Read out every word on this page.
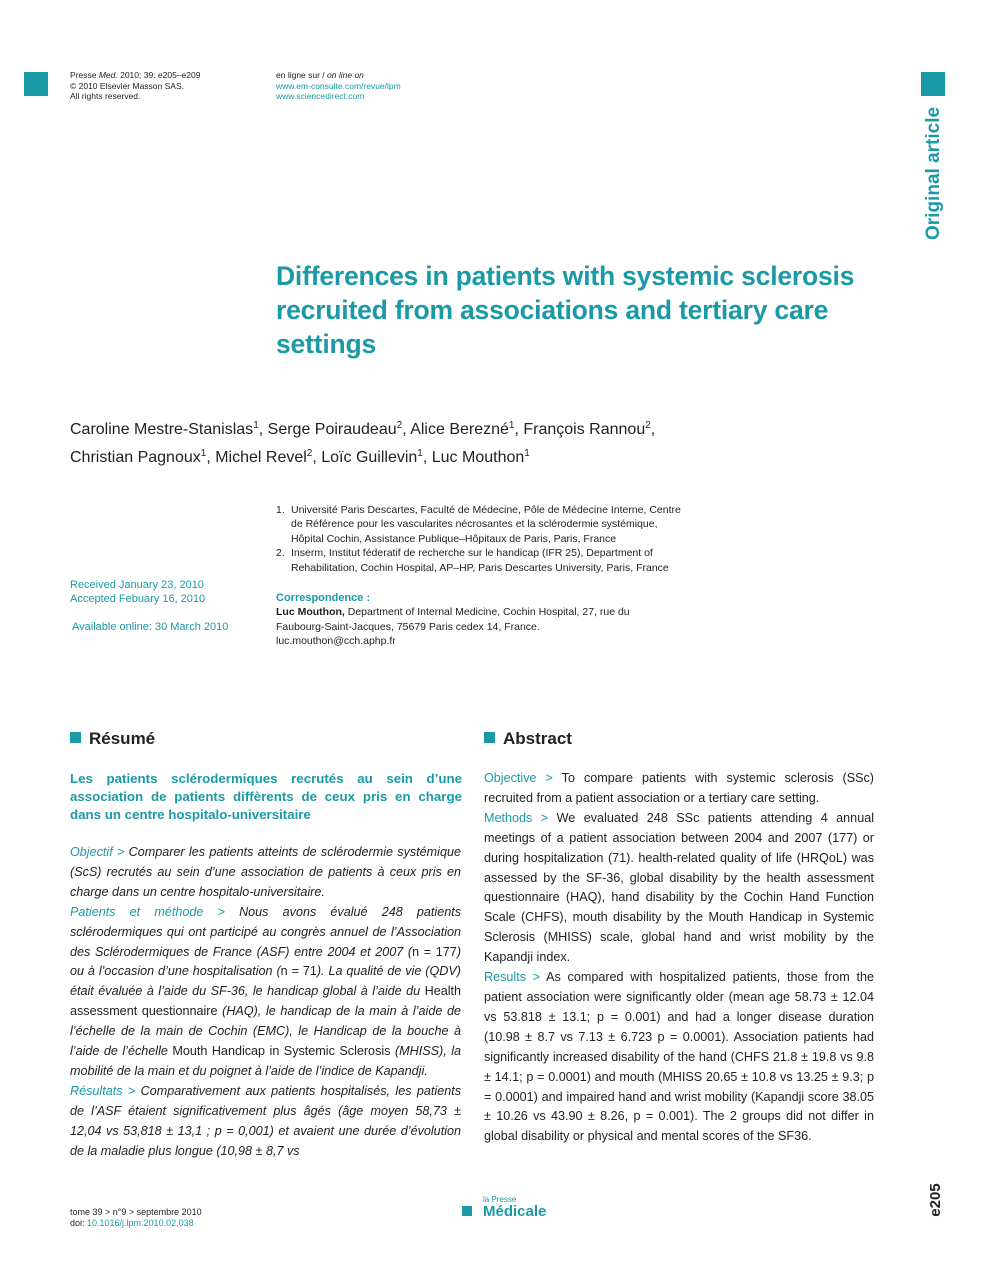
Presse Med. 2010; 39: e205–e209
© 2010 Elsevier Masson SAS.
All rights reserved.
en ligne sur / on line on
www.em-consulte.com/revue/lpm
www.sciencedirect.com
Original article
Differences in patients with systemic sclerosis recruited from associations and tertiary care settings
Caroline Mestre-Stanislas$^1$, Serge Poiraudeau$^2$, Alice Berezné$^1$, François Rannou$^2$,
Christian Pagnoux$^1$, Michel Revel$^2$, Loïc Guillevin$^1$, Luc Mouthon$^1$
1. Université Paris Descartes, Faculté de Médecine, Pôle de Médecine Interne, Centre
de Référence pour les vascularites nécrosantes et la sclérodermie systémique,
Hôpital Cochin, Assistance Publique–Hôpitaux de Paris, Paris, France
2. Inserm, Institut féderatif de recherche sur le handicap (IFR 25), Department of
Rehabilitation, Cochin Hospital, AP–HP, Paris Descartes University, Paris, France
Received January 23, 2010
Accepted Febuary 16, 2010
Available online: 30 March 2010
Correspondence :
Luc Mouthon, Department of Internal Medicine, Cochin Hospital, 27, rue du
Faubourg-Saint-Jacques, 75679 Paris cedex 14, France.
luc.mouthon@cch.aphp.fr
Résumé	Abstract
Les patients sclérodermiques recrutés au sein d’une association de patients diffèrents de ceux pris en charge dans un centre hospitalo-universitaire

Objectif > Comparer les patients atteints de sclérodermie systémique (ScS) recrutés au sein d’une association de patients à ceux pris en charge dans un centre hospitalo-universitaire.

Patients et méthode > Nous avons évalué 248 patients sclérodermiques qui ont participé au congrès annuel de l’Association des Sclérodermiques de France (ASF) entre 2004 et 2007 (n = 177) ou à l’occasion d’une hospitalisation (n = 71). La qualité de vie (QDV) était évaluée à l’aide du SF-36, le handicap global à l’aide du Health assessment questionnaire (HAQ), le handicap de la main à l’aide de l’échelle de la main de Cochin (EMC), le Handicap de la bouche à l’aide de l’échelle Mouth Handicap in Systemic Sclerosis (MHISS), la mobilité de la main et du poignet à l’aide de l’indice de Kapandji.

Résultats > Comparativement aux patients hospitalisés, les patients de l’ASF étaient significativement plus âgés (âge moyen 58,73 ± 12,04 vs 53,818 ± 13,1 ; p = 0,001) et avaient une durée d’évolution de la maladie plus longue (10,98 ± 8,7 vs

Objective > To compare patients with systemic sclerosis (SSc) recruited from a patient association or a tertiary care setting.

Methods > We evaluated 248 SSc patients attending 4 annual meetings of a patient association between 2004 and 2007 (177) or during hospitalization (71). health-related quality of life (HRQoL) was assessed by the SF-36, global disability by the health assessment questionnaire (HAQ), hand disability by the Cochin Hand Function Scale (CHFS), mouth disability by the Mouth Handicap in Systemic Sclerosis (MHISS) scale, global hand and wrist mobility by the Kapandji index.

Results > As compared with hospitalized patients, those from the patient association were significantly older (mean age 58.73 ± 12.04 vs 53.818 ± 13.1; p = 0.001) and had a longer disease duration (10.98 ± 8.7 vs 7.13 ± 6.723 p = 0.0001). Association patients had significantly increased disability of the hand (CHFS 21.8 ± 19.8 vs 9.8 ± 14.1; p = 0.0001) and mouth (MHISS 20.65 ± 10.8 vs 13.25 ± 9.3; p = 0.0001) and impaired hand and wrist mobility (Kapandji score 38.05 ± 10.26 vs 43.90 ± 8.26, p = 0.001). The 2 groups did not differ in global disability or physical and mental scores of the SF36.

tome 39 > n°9 > septembre 2010
doi: 10.1016/j.lpm.2010.02.038
la Presse
Médicale	e205
